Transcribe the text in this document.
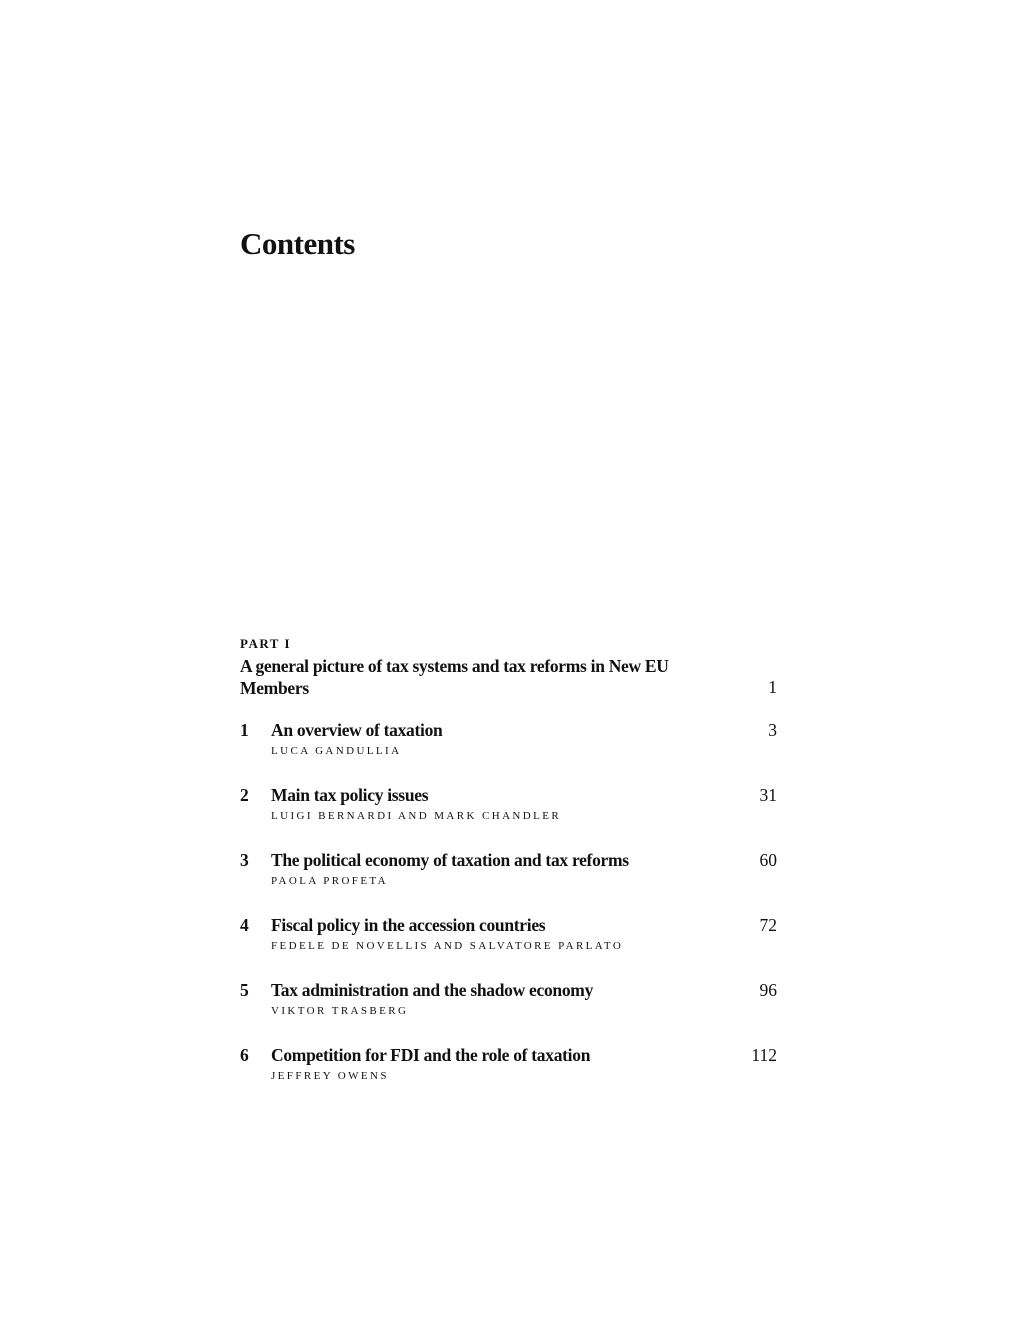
Contents
PART I
A general picture of tax systems and tax reforms in New EU Members	1
1 An overview of taxation	3
LUCA GANDULLIA
2 Main tax policy issues	31
LUIGI BERNARDI AND MARK CHANDLER
3 The political economy of taxation and tax reforms	60
PAOLA PROFETA
4 Fiscal policy in the accession countries	72
FEDELE DE NOVELLIS AND SALVATORE PARLATO
5 Tax administration and the shadow economy	96
VIKTOR TRASBERG
6 Competition for FDI and the role of taxation	112
JEFFREY OWENS
